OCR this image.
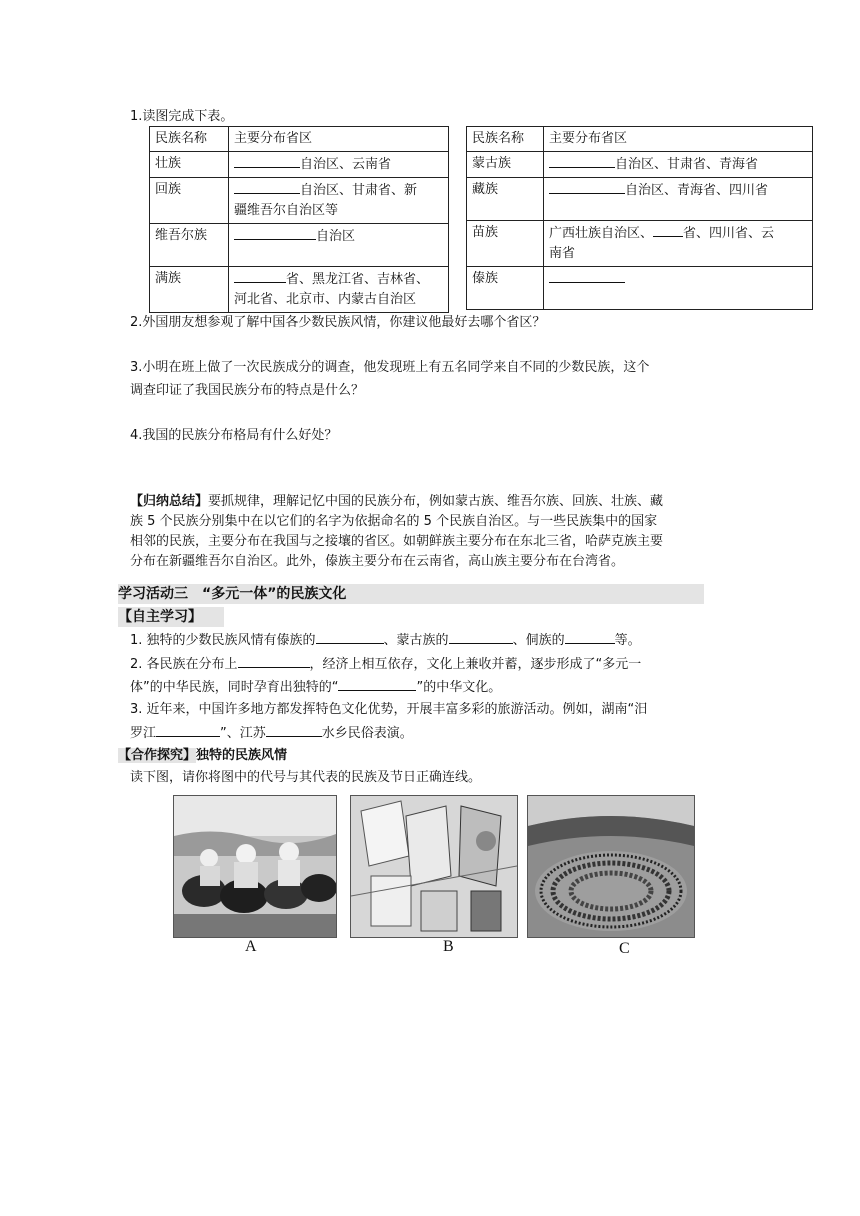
1.读图完成下表。
民族名称	主要分布省区
壮族	自治区、云南省
回族	自治区、甘肃省、新
疆维吾尔自治区等
维吾尔族	自治区
满族	省、黑龙江省、吉林省、
河北省、北京市、内蒙古自治区
民族名称	主要分布省区
蒙古族	自治区、甘肃省、青海省
藏族	自治区、青海省、四川省
苗族	广西壮族自治区、 省、四川省、云
南省
傣族	
2.外国朋友想参观了解中国各少数民族风情，你建议他最好去哪个省区？
3.小明在班上做了一次民族成分的调查，他发现班上有五名同学来自不同的少数民族，这个
调查印证了我国民族分布的特点是什么？
4.我国的民族分布格局有什么好处？
【归纳总结】要抓规律，理解记忆中国的民族分布，例如蒙古族、维吾尔族、回族、壮族、藏
族 5 个民族分别集中在以它们的名字为依据命名的 5 个民族自治区。与一些民族集中的国家
相邻的民族，主要分布在我国与之接壤的省区。如朝鲜族主要分布在东北三省，哈萨克族主要
分布在新疆维吾尔自治区。此外，傣族主要分布在云南省，高山族主要分布在台湾省。
学习活动三　“多元一体”的民族文化
【自主学习】
1. 独特的少数民族风情有傣族的	、蒙古族的	、侗族的	等。
2. 各民族在分布上	，经济上相互依存，文化上兼收并蓄，逐步形成了“多元一
体”的中华民族，同时孕育出独特的“	”的中华文化。
3. 近年来，中国许多地方都发挥特色文化优势，开展丰富多彩的旅游活动。例如，湖南“汨
罗江	”、江苏	水乡民俗表演。
【合作探究】独特的民族风情
读下图，请你将图中的代号与其代表的民族及节日正确连线。
A	B	C
